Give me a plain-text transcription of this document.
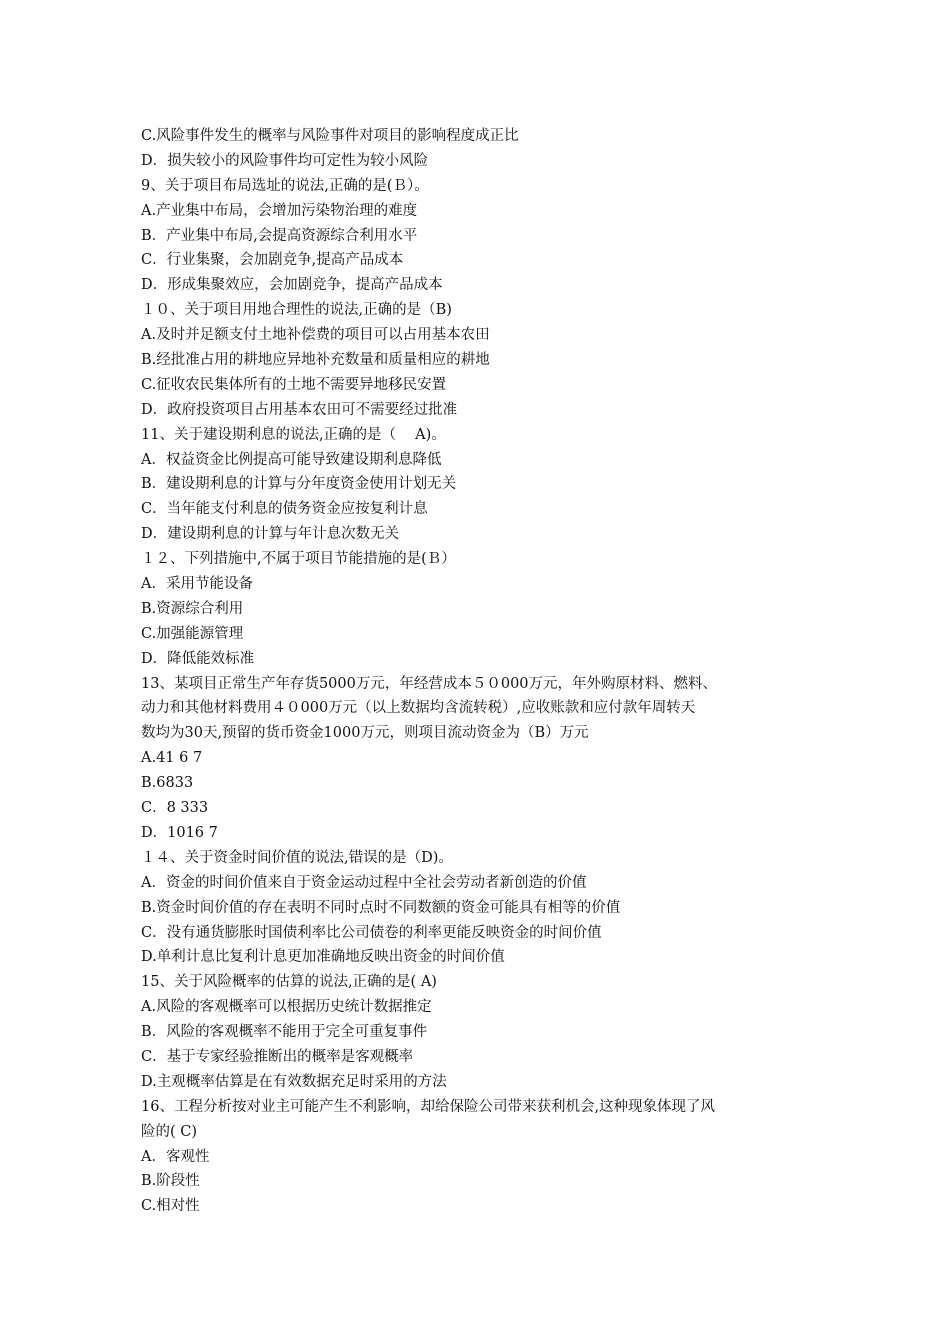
C.风险事件发生的概率与风险事件对项目的影响程度成正比
D．损失较小的风险事件均可定性为较小风险
9、关于项目布局选址的说法,正确的是(Ｂ）。
A.产业集中布局，会增加污染物治理的难度
B．产业集中布局,会提高资源综合利用水平
C．行业集聚，会加剧竞争,提高产品成本
D．形成集聚效应，会加剧竞争，提高产品成本
１０、关于项目用地合理性的说法,正确的是（B)
A.及时并足额支付土地补偿费的项目可以占用基本农田
B.经批准占用的耕地应异地补充数量和质量相应的耕地
C.征收农民集体所有的土地不需要异地移民安置
D．政府投资项目占用基本农田可不需要经过批准
11、关于建设期利息的说法,正确的是（　 A)。
A．权益资金比例提高可能导致建设期利息降低
B．建设期利息的计算与分年度资金使用计划无关
C．当年能支付利息的债务资金应按复利计息
D．建设期利息的计算与年计息次数无关
１２、下列措施中,不属于项目节能措施的是(Ｂ）
A．采用节能设备
B.资源综合利用
C.加强能源管理
D．降低能效标准
13、某项目正常生产年存货5000万元，年经营成本５０000万元，年外购原材料、燃料、
动力和其他材料费用４０000万元（以上数据均含流转税）,应收账款和应付款年周转天
数均为30天,预留的货币资金1000万元，则项目流动资金为（B）万元
A.41 6 7
B.6833
C．8 333
D．1016 7
１４、关于资金时间价值的说法,错误的是（D)。
A．资金的时间价值来自于资金运动过程中全社会劳动者新创造的价值
B.资金时间价值的存在表明不同时点时不同数额的资金可能具有相等的价值
C．没有通货膨胀时国债利率比公司债卷的利率更能反映资金的时间价值
D.单利计息比复利计息更加准确地反映出资金的时间价值
15、关于风险概率的估算的说法,正确的是( A)
A.风险的客观概率可以根据历史统计数据推定
B．风险的客观概率不能用于完全可重复事件
C．基于专家经验推断出的概率是客观概率
D.主观概率估算是在有效数据充足时采用的方法
16、工程分析按对业主可能产生不利影响，却给保险公司带来获利机会,这种现象体现了风
险的( C)
A．客观性
B.阶段性
C.相对性
